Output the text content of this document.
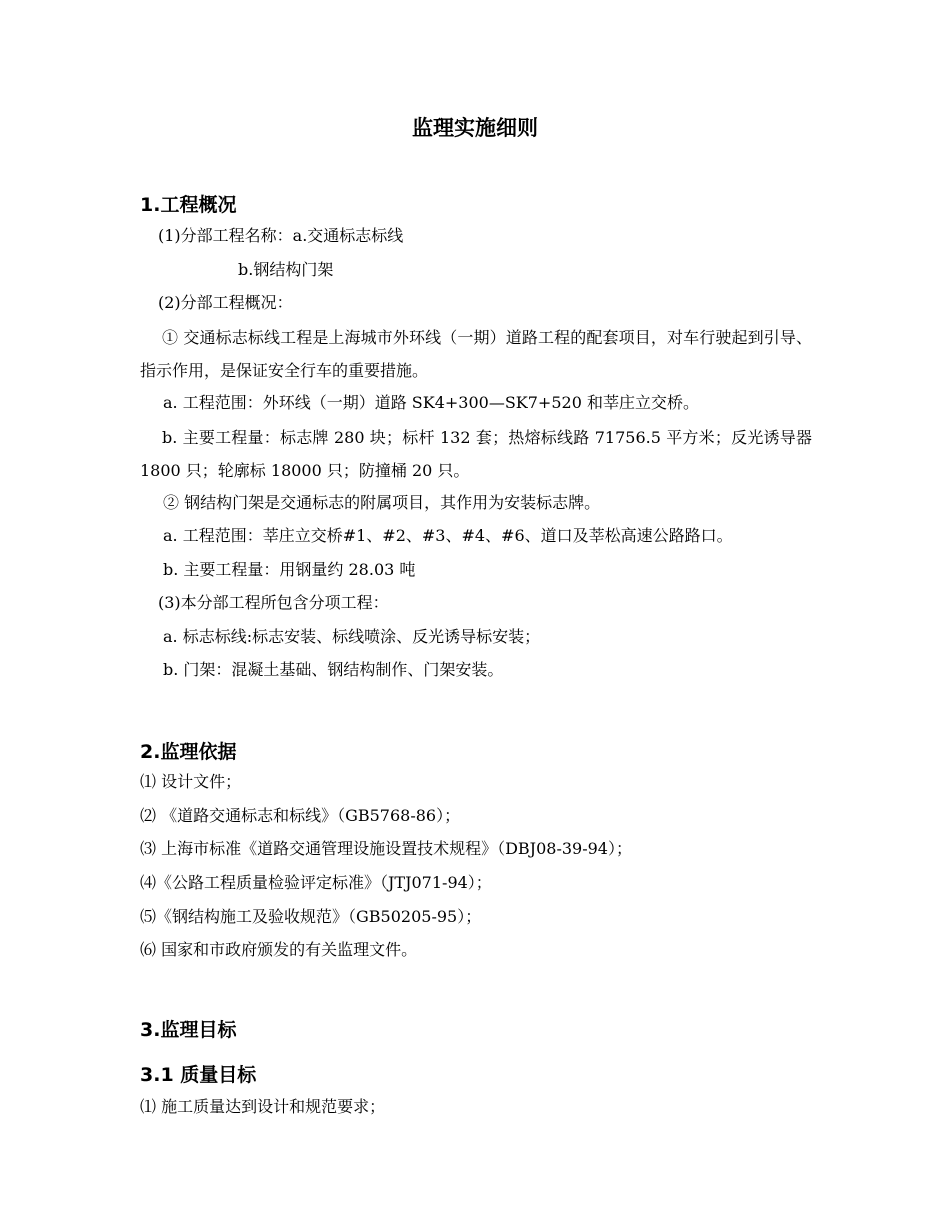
监理实施细则
1.工程概况
(1)分部工程名称：a.交通标志标线
b.钢结构门架
(2)分部工程概况：
① 交通标志标线工程是上海城市外环线（一期）道路工程的配套项目，对车行驶起到引导、指示作用，是保证安全行车的重要措施。
a. 工程范围：外环线（一期）道路 SK4+300—SK7+520 和莘庄立交桥。
b. 主要工程量：标志牌 280 块；标杆 132 套；热熔标线路 71756.5 平方米；反光诱导器 1800 只；轮廓标 18000 只；防撞桶 20 只。
② 钢结构门架是交通标志的附属项目，其作用为安装标志牌。
a. 工程范围：莘庄立交桥#1、#2、#3、#4、#6、道口及莘松高速公路路口。
b. 主要工程量：用钢量约 28.03 吨
(3)本分部工程所包含分项工程：
a. 标志标线:标志安装、标线喷涂、反光诱导标安装；
b. 门架：混凝土基础、钢结构制作、门架安装。
2.监理依据
⑴ 设计文件；
⑵ 《道路交通标志和标线》（GB5768-86）；
⑶ 上海市标准《道路交通管理设施设置技术规程》（DBJ08-39-94）；
⑷《公路工程质量检验评定标准》（JTJ071-94）；
⑸《钢结构施工及验收规范》（GB50205-95）；
⑹ 国家和市政府颁发的有关监理文件。
3.监理目标
3.1 质量目标
⑴ 施工质量达到设计和规范要求；
